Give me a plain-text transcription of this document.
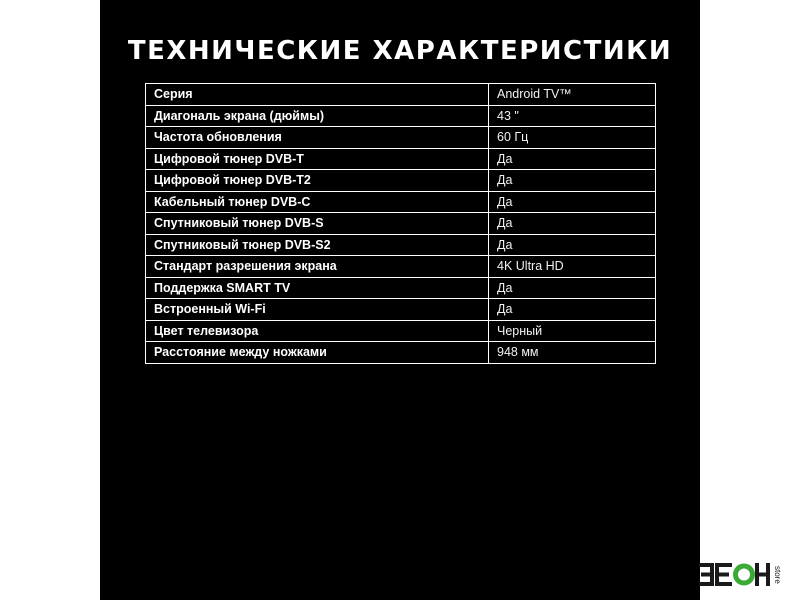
ТЕХНИЧЕСКИЕ ХАРАКТЕРИСТИКИ
Серия	Android TV™
Диагональ экрана (дюймы)	43 "
Частота обновления	60 Гц
Цифровой тюнер DVB-T	Да
Цифровой тюнер DVB-T2	Да
Кабельный тюнер DVB-C	Да
Спутниковый тюнер DVB-S	Да
Спутниковый тюнер DVB-S2	Да
Стандарт разрешения экрана	4K Ultra HD
Поддержка SMART TV	Да
Встроенный Wi-Fi	Да
Цвет телевизора	Черный
Расстояние между ножками	948 мм
store
